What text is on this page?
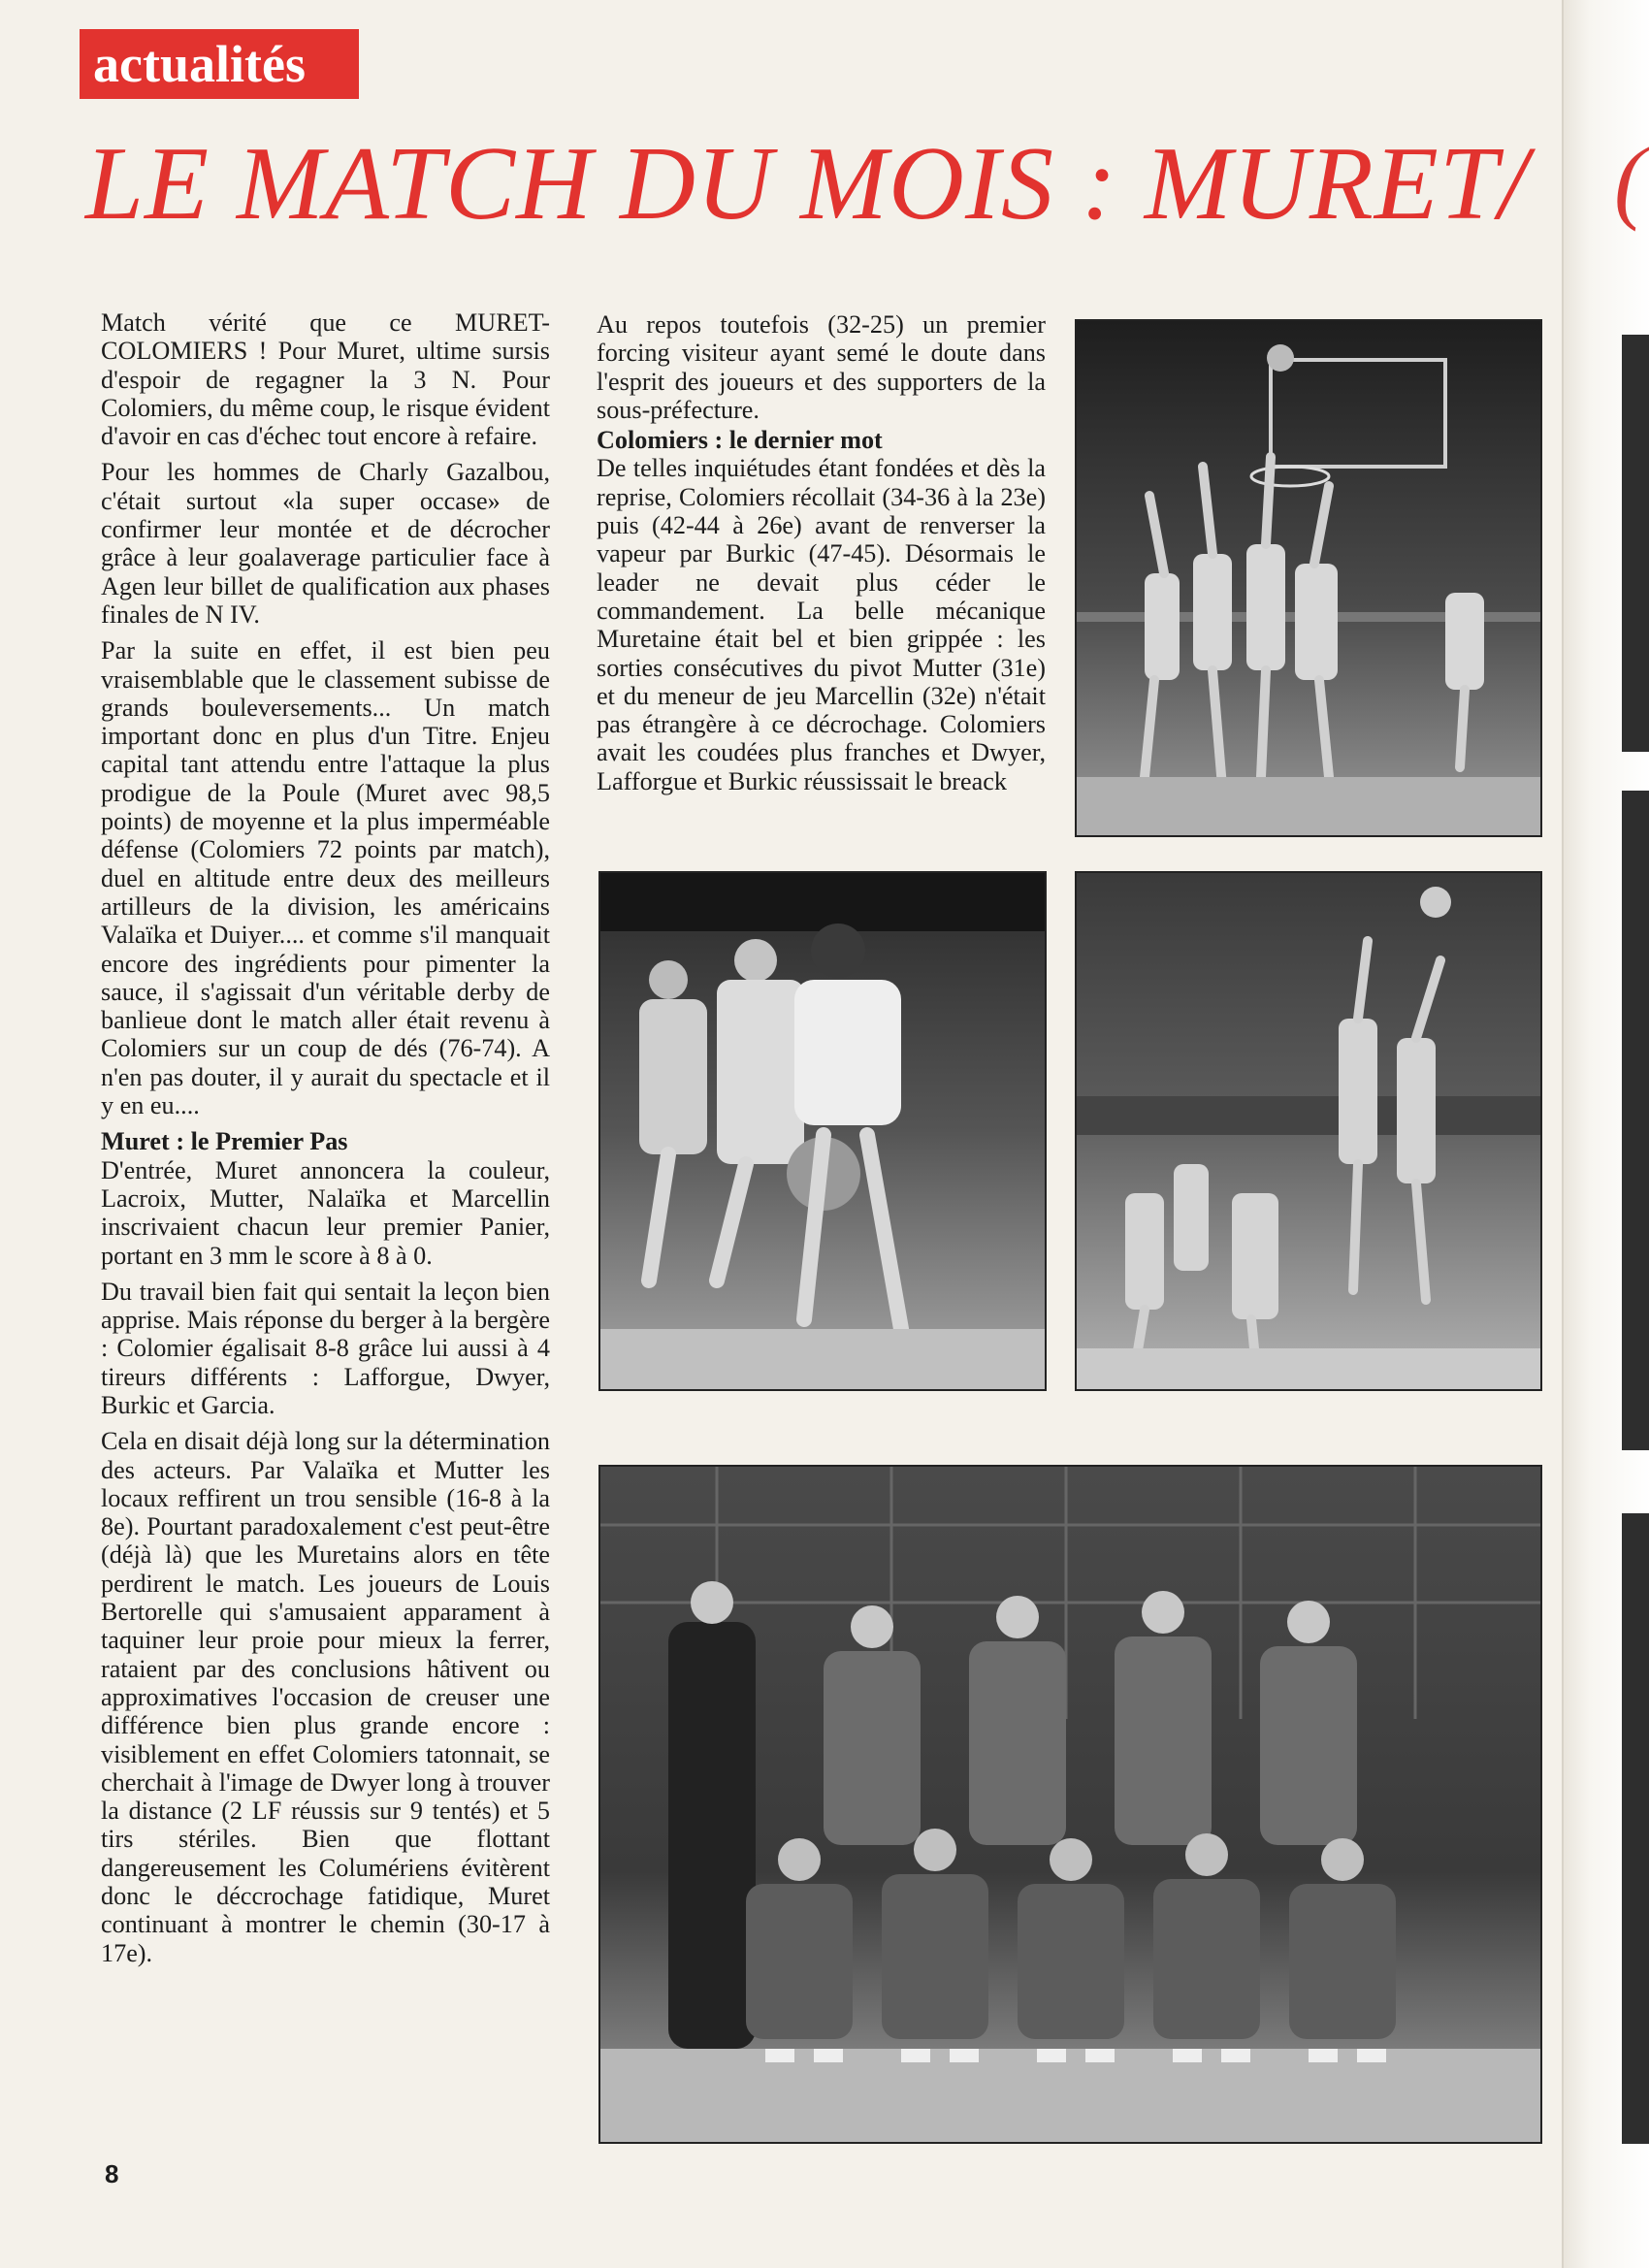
(
actualités
LE MATCH DU MOIS : MURET/

Match vérité que ce MURET-COLOMIERS ! Pour Muret, ultime sursis d'espoir de regagner la 3 N. Pour Colomiers, du même coup, le risque évident d'avoir en cas d'échec tout encore à refaire.

Pour les hommes de Charly Gazalbou, c'était surtout «la super occase» de confirmer leur montée et de décrocher grâce à leur goalaverage particulier face à Agen leur billet de qualification aux phases finales de N IV.

Par la suite en effet, il est bien peu vraisemblable que le classement subisse de grands bouleversements... Un match important donc en plus d'un Titre. Enjeu capital tant attendu entre l'attaque la plus prodigue de la Poule (Muret avec 98,5 points) de moyenne et la plus imperméable défense (Colomiers 72 points par match), duel en altitude entre deux des meilleurs artilleurs de la division, les américains Valaïka et Duiyer.... et comme s'il manquait encore des ingrédients pour pimenter la sauce, il s'agissait d'un véritable derby de banlieue dont le match aller était revenu à Colomiers sur un coup de dés (76-74). A n'en pas douter, il y aurait du spectacle et il y en eu....

Muret : le Premier Pas

D'entrée, Muret annoncera la couleur, Lacroix, Mutter, Nalaïka et Marcellin inscrivaient chacun leur premier Panier, portant en 3 mm le score à 8 à 0.

Du travail bien fait qui sentait la leçon bien apprise. Mais réponse du berger à la bergère : Colomier égalisait 8-8 grâce lui aussi à 4 tireurs différents : Lafforgue, Dwyer, Burkic et Garcia.

Cela en disait déjà long sur la détermination des acteurs. Par Valaïka et Mutter les locaux reffirent un trou sensible (16-8 à la 8e). Pourtant paradoxalement c'est peut-être (déjà là) que les Muretains alors en tête perdirent le match. Les joueurs de Louis Bertorelle qui s'amusaient apparament à taquiner leur proie pour mieux la ferrer, rataient par des conclusions hâtivent ou approximatives l'occasion de creuser une différence bien plus grande encore : visiblement en effet Colomiers tatonnait, se cherchait à l'image de Dwyer long à trouver la distance (2 LF réussis sur 9 tentés) et 5 tirs stériles. Bien que flottant dangereusement les Columériens évitèrent donc le déccrochage fatidique, Muret continuant à montrer le chemin (30-17 à 17e).

Au repos toutefois (32-25) un premier forcing visiteur ayant semé le doute dans l'esprit des joueurs et des supporters de la sous-préfecture.

Colomiers : le dernier mot

De telles inquiétudes étant fondées et dès la reprise, Colomiers récollait (34-36 à la 23e) puis (42-44 à 26e) avant de renverser la vapeur par Burkic (47-45). Désormais le leader ne devait plus céder le commandement. La belle mécanique Muretaine était bel et bien grippée : les sorties consécutives du pivot Mutter (31e) et du meneur de jeu Marcellin (32e) n'était pas étrangère à ce décrochage. Colomiers avait les coudées plus franches et Dwyer, Lafforgue et Burkic réussissait le breack

8
